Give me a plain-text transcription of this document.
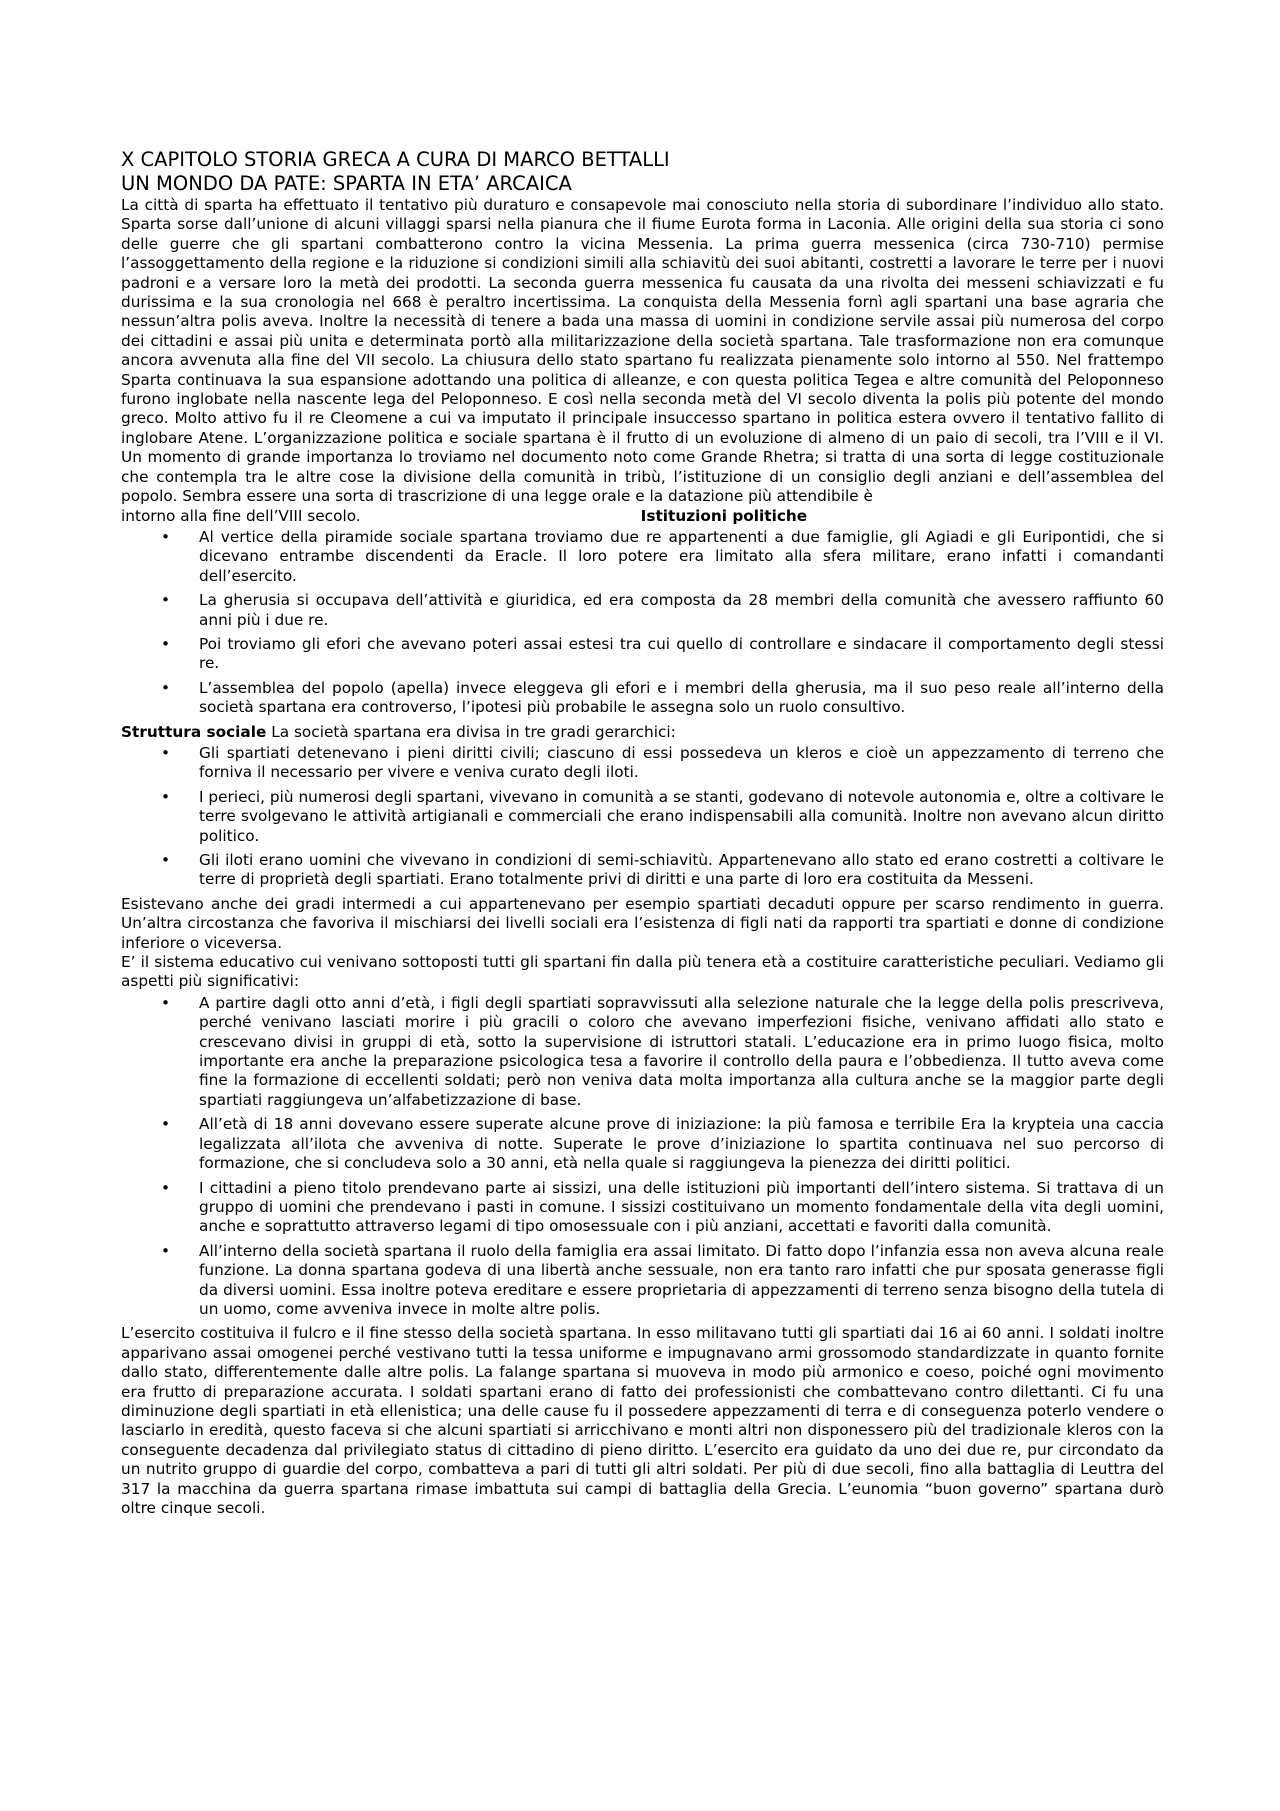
X CAPITOLO STORIA GRECA A CURA DI MARCO BETTALLI
UN MONDO DA PATE: SPARTA IN ETA’ ARCAICA

La città di sparta ha effettuato il tentativo più duraturo e consapevole mai conosciuto nella storia di subordinare l’individuo allo stato. Sparta sorse dall’unione di alcuni villaggi sparsi nella pianura che il fiume Eurota forma in Laconia. Alle origini della sua storia ci sono delle guerre che gli spartani combatterono contro la vicina Messenia. La prima guerra messenica (circa 730-710) permise l’assoggettamento della regione e la riduzione si condizioni simili alla schiavitù dei suoi abitanti, costretti a lavorare le terre per i nuovi padroni e a versare loro la metà dei prodotti. La seconda guerra messenica fu causata da una rivolta dei messeni schiavizzati e fu durissima e la sua cronologia nel 668 è peraltro incertissima. La conquista della Messenia fornì agli spartani una base agraria che nessun’altra polis aveva. Inoltre la necessità di tenere a bada una massa di uomini in condizione servile assai più numerosa del corpo dei cittadini e assai più unita e determinata portò alla militarizzazione della società spartana. Tale trasformazione non era comunque ancora avvenuta alla fine del VII secolo. La chiusura dello stato spartano fu realizzata pienamente solo intorno al 550. Nel frattempo Sparta continuava la sua espansione adottando una politica di alleanze, e con questa politica Tegea e altre comunità del Peloponneso furono inglobate nella nascente lega del Peloponneso. E così nella seconda metà del VI secolo diventa la polis più potente del mondo greco. Molto attivo fu il re Cleomene a cui va imputato il principale insuccesso spartano in politica estera ovvero il tentativo fallito di inglobare Atene. L’organizzazione politica e sociale spartana è il frutto di un evoluzione di almeno di un paio di secoli, tra l’VIII e il VI. Un momento di grande importanza lo troviamo nel documento noto come Grande Rhetra; si tratta di una sorta di legge costituzionale che contempla tra le altre cose la divisione della comunità in tribù, l’istituzione di un consiglio degli anziani e dell’assemblea del popolo. Sembra essere una sorta di trascrizione di una legge orale e la datazione più attendibile è

intorno alla fine dell’VIII secolo.	Istituzioni politiche

• Al vertice della piramide sociale spartana troviamo due re appartenenti a due famiglie, gli Agiadi e gli Euripontidi, che si dicevano entrambe discendenti da Eracle. Il loro potere era limitato alla sfera militare, erano infatti i comandanti dell’esercito.
• La gherusia si occupava dell’attività e giuridica, ed era composta da 28 membri della comunità che avessero raffiunto 60 anni più i due re.
• Poi troviamo gli efori che avevano poteri assai estesi tra cui quello di controllare e sindacare il comportamento degli stessi re.
• L’assemblea del popolo (apella) invece eleggeva gli efori e i membri della gherusia, ma il suo peso reale all’interno della società spartana era controverso, l’ipotesi più probabile le assegna solo un ruolo consultivo.

Struttura sociale La società spartana era divisa in tre gradi gerarchici:

• Gli spartiati detenevano i pieni diritti civili; ciascuno di essi possedeva un kleros e cioè un appezzamento di terreno che forniva il necessario per vivere e veniva curato degli iloti.
• I perieci, più numerosi degli spartani, vivevano in comunità a se stanti, godevano di notevole autonomia e, oltre a coltivare le terre svolgevano le attività artigianali e commerciali che erano indispensabili alla comunità. Inoltre non avevano alcun diritto politico.
• Gli iloti erano uomini che vivevano in condizioni di semi-schiavitù. Appartenevano allo stato ed erano costretti a coltivare le terre di proprietà degli spartiati. Erano totalmente privi di diritti e una parte di loro era costituita da Messeni.

Esistevano anche dei gradi intermedi a cui appartenevano per esempio spartiati decaduti oppure per scarso rendimento in guerra. Un’altra circostanza che favoriva il mischiarsi dei livelli sociali era l’esistenza di figli nati da rapporti tra spartiati e donne di condizione inferiore o viceversa.

E’ il sistema educativo cui venivano sottoposti tutti gli spartani fin dalla più tenera età a costituire caratteristiche peculiari. Vediamo gli aspetti più significativi:

• A partire dagli otto anni d’età, i figli degli spartiati sopravvissuti alla selezione naturale che la legge della polis prescriveva, perché venivano lasciati morire i più gracili o coloro che avevano imperfezioni fisiche, venivano affidati allo stato e crescevano divisi in gruppi di età, sotto la supervisione di istruttori statali. L’educazione era in primo luogo fisica, molto importante era anche la preparazione psicologica tesa a favorire il controllo della paura e l’obbedienza. Il tutto aveva come fine la formazione di eccellenti soldati; però non veniva data molta importanza alla cultura anche se la maggior parte degli spartiati raggiungeva un’alfabetizzazione di base.
• All’età di 18 anni dovevano essere superate alcune prove di iniziazione: la più famosa e terribile Era la krypteia una caccia legalizzata all’ilota che avveniva di notte. Superate le prove d’iniziazione lo spartita continuava nel suo percorso di formazione, che si concludeva solo a 30 anni, età nella quale si raggiungeva la pienezza dei diritti politici.
• I cittadini a pieno titolo prendevano parte ai sissizi, una delle istituzioni più importanti dell’intero sistema. Si trattava di un gruppo di uomini che prendevano i pasti in comune. I sissizi costituivano un momento fondamentale della vita degli uomini, anche e soprattutto attraverso legami di tipo omosessuale con i più anziani, accettati e favoriti dalla comunità.
• All’interno della società spartana il ruolo della famiglia era assai limitato. Di fatto dopo l’infanzia essa non aveva alcuna reale funzione. La donna spartana godeva di una libertà anche sessuale, non era tanto raro infatti che pur sposata generasse figli da diversi uomini. Essa inoltre poteva ereditare e essere proprietaria di appezzamenti di terreno senza bisogno della tutela di un uomo, come avveniva invece in molte altre polis.

L’esercito costituiva il fulcro e il fine stesso della società spartana. In esso militavano tutti gli spartiati dai 16 ai 60 anni. I soldati inoltre apparivano assai omogenei perché vestivano tutti la tessa uniforme e impugnavano armi grossomodo standardizzate in quanto fornite dallo stato, differentemente dalle altre polis. La falange spartana si muoveva in modo più armonico e coeso, poiché ogni movimento era frutto di preparazione accurata. I soldati spartani erano di fatto dei professionisti che combattevano contro dilettanti. Ci fu una diminuzione degli spartiati in età ellenistica; una delle cause fu il possedere appezzamenti di terra e di conseguenza poterlo vendere o lasciarlo in eredità, questo faceva si che alcuni spartiati si arricchivano e monti altri non disponessero più del tradizionale kleros con la conseguente decadenza dal privilegiato status di cittadino di pieno diritto. L’esercito era guidato da uno dei due re, pur circondato da un nutrito gruppo di guardie del corpo, combatteva a pari di tutti gli altri soldati. Per più di due secoli, fino alla battaglia di Leuttra del 317 la macchina da guerra spartana rimase imbattuta sui campi di battaglia della Grecia. L’eunomia “buon governo” spartana durò oltre cinque secoli.
